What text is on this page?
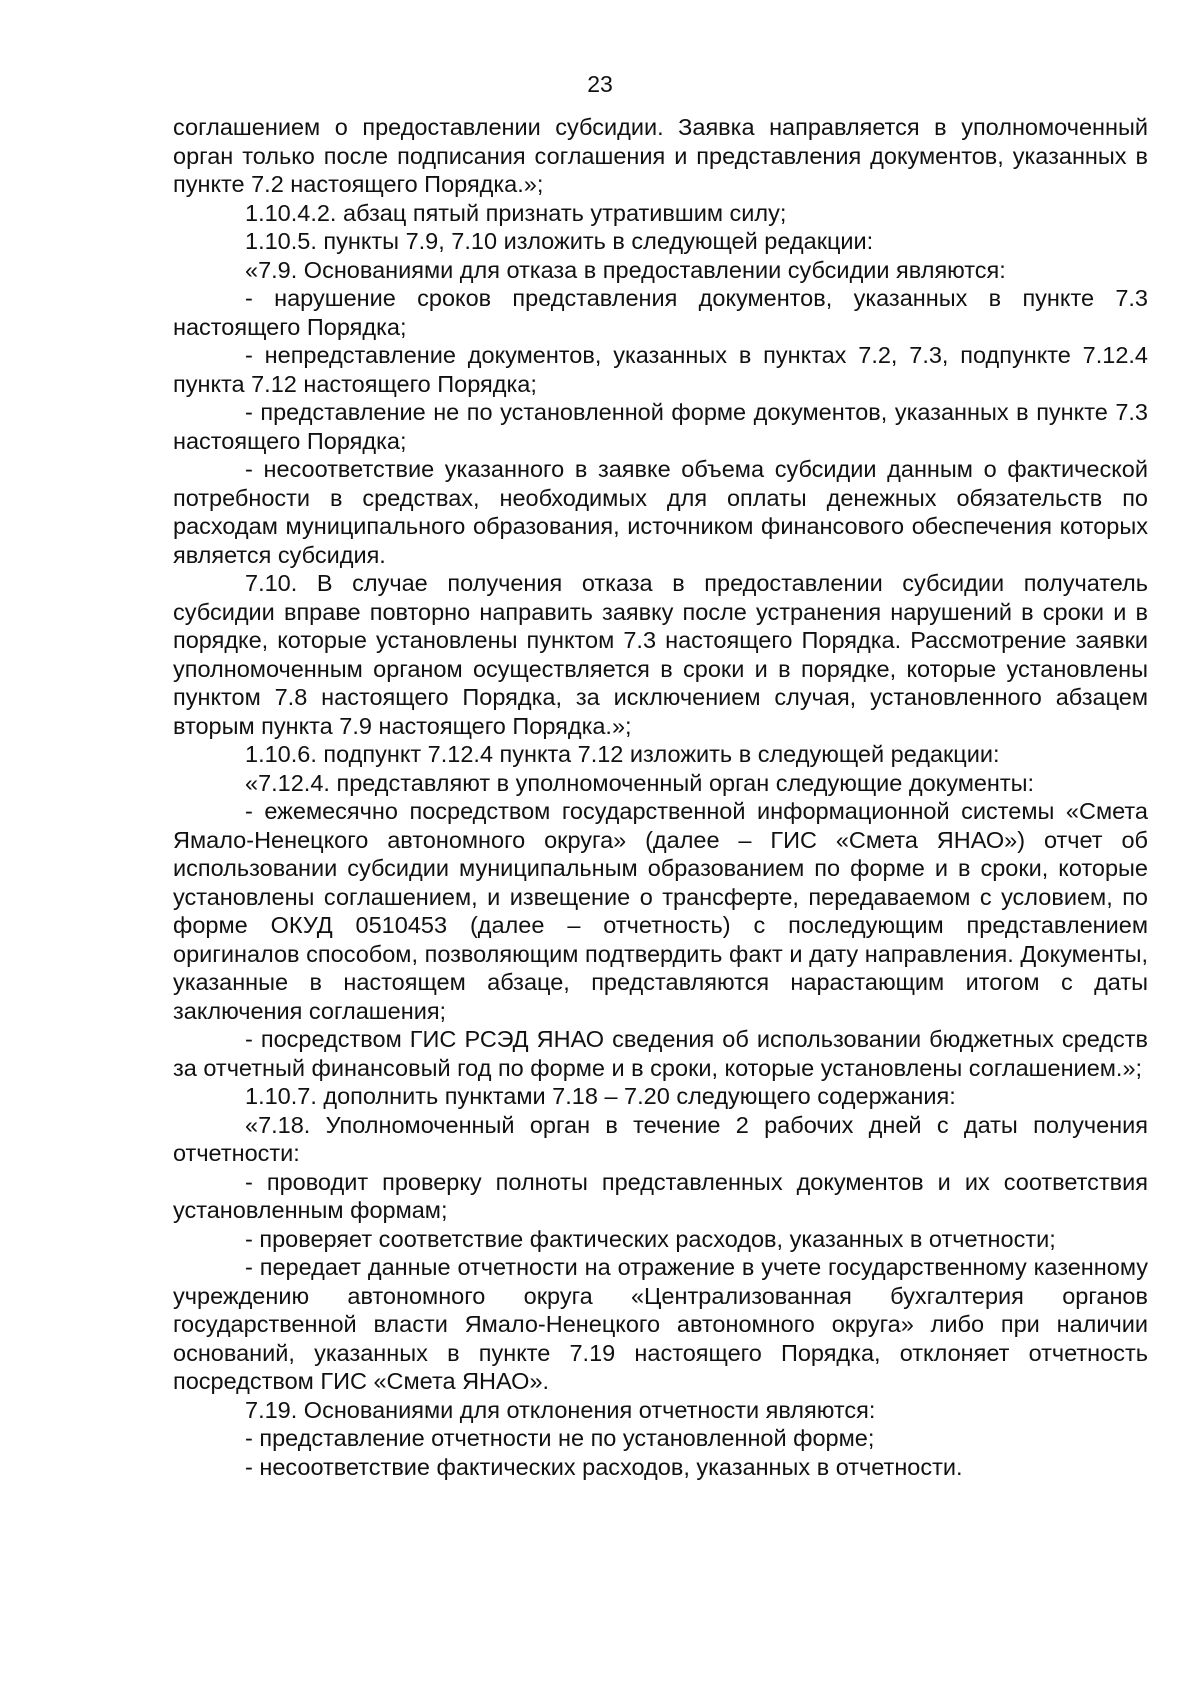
23

соглашением о предоставлении субсидии. Заявка направляется в уполномоченный орган только после подписания соглашения и представления документов, указанных в пункте 7.2 настоящего Порядка.»;

1.10.4.2. абзац пятый признать утратившим силу;

1.10.5. пункты 7.9, 7.10 изложить в следующей редакции:

«7.9. Основаниями для отказа в предоставлении субсидии являются:

- нарушение сроков представления документов, указанных в пункте 7.3 настоящего Порядка;

- непредставление документов, указанных в пунктах 7.2, 7.3, подпункте 7.12.4 пункта 7.12 настоящего Порядка;

- представление не по установленной форме документов, указанных в пункте 7.3 настоящего Порядка;

- несоответствие указанного в заявке объема субсидии данным о фактической потребности в средствах, необходимых для оплаты денежных обязательств по расходам муниципального образования, источником финансового обеспечения которых является субсидия.

7.10. В случае получения отказа в предоставлении субсидии получатель субсидии вправе повторно направить заявку после устранения нарушений в сроки и в порядке, которые установлены пунктом 7.3 настоящего Порядка. Рассмотрение заявки уполномоченным органом осуществляется в сроки и в порядке, которые установлены пунктом 7.8 настоящего Порядка, за исключением случая, установленного абзацем вторым пункта 7.9 настоящего Порядка.»;

1.10.6. подпункт 7.12.4 пункта 7.12 изложить в следующей редакции:

«7.12.4. представляют в уполномоченный орган следующие документы:

- ежемесячно посредством государственной информационной системы «Смета Ямало-Ненецкого автономного округа» (далее – ГИС «Смета ЯНАО») отчет об использовании субсидии муниципальным образованием по форме и в сроки, которые установлены соглашением, и извещение о трансферте, передаваемом с условием, по форме ОКУД 0510453 (далее – отчетность) с последующим представлением оригиналов способом, позволяющим подтвердить факт и дату направления. Документы, указанные в настоящем абзаце, представляются нарастающим итогом с даты заключения соглашения;

- посредством ГИС РСЭД ЯНАО сведения об использовании бюджетных средств за отчетный финансовый год по форме и в сроки, которые установлены соглашением.»;

1.10.7. дополнить пунктами 7.18 – 7.20 следующего содержания:

«7.18. Уполномоченный орган в течение 2 рабочих дней с даты получения отчетности:

- проводит проверку полноты представленных документов и их соответствия установленным формам;

- проверяет соответствие фактических расходов, указанных в отчетности;

- передает данные отчетности на отражение в учете государственному казенному учреждению автономного округа «Централизованная бухгалтерия органов государственной власти Ямало-Ненецкого автономного округа» либо при наличии оснований, указанных в пункте 7.19 настоящего Порядка, отклоняет отчетность посредством ГИС «Смета ЯНАО».

7.19. Основаниями для отклонения отчетности являются:

- представление отчетности не по установленной форме;

- несоответствие фактических расходов, указанных в отчетности.
